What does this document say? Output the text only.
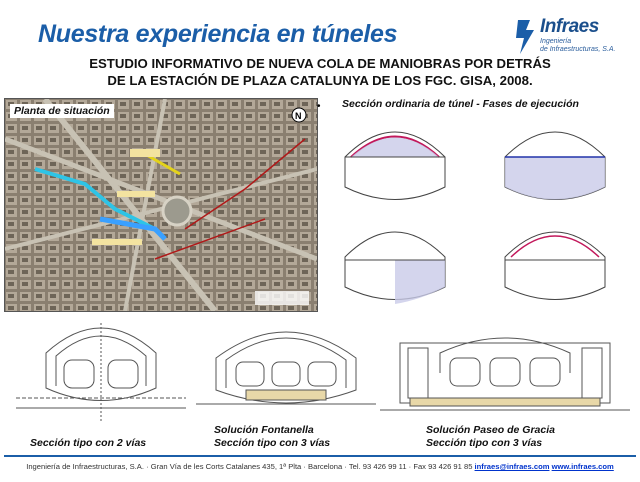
Nuestra experiencia en túneles	Infraes
Ingeniería
de Infraestructuras, S.A.
ESTUDIO INFORMATIVO DE NUEVA COLA DE MANIOBRAS POR DETRÁS
DE LA ESTACIÓN DE PLAZA CATALUNYA DE LOS FGC. GISA, 2008.
N
Planta de situación	• Sección ordinaria de túnel - Fases de ejecución
Sección tipo con 2 vías
Solución Fontanella
Sección tipo con 3 vías
Solución Paseo de Gracia
Sección tipo con 3 vías
Ingeniería de Infraestructuras, S.A. · Gran Vía de les Corts Catalanes 435, 1ª Plta · Barcelona · Tel. 93 426 99 11 · Fax 93 426 91 85 infraes@infraes.com www.infraes.com
